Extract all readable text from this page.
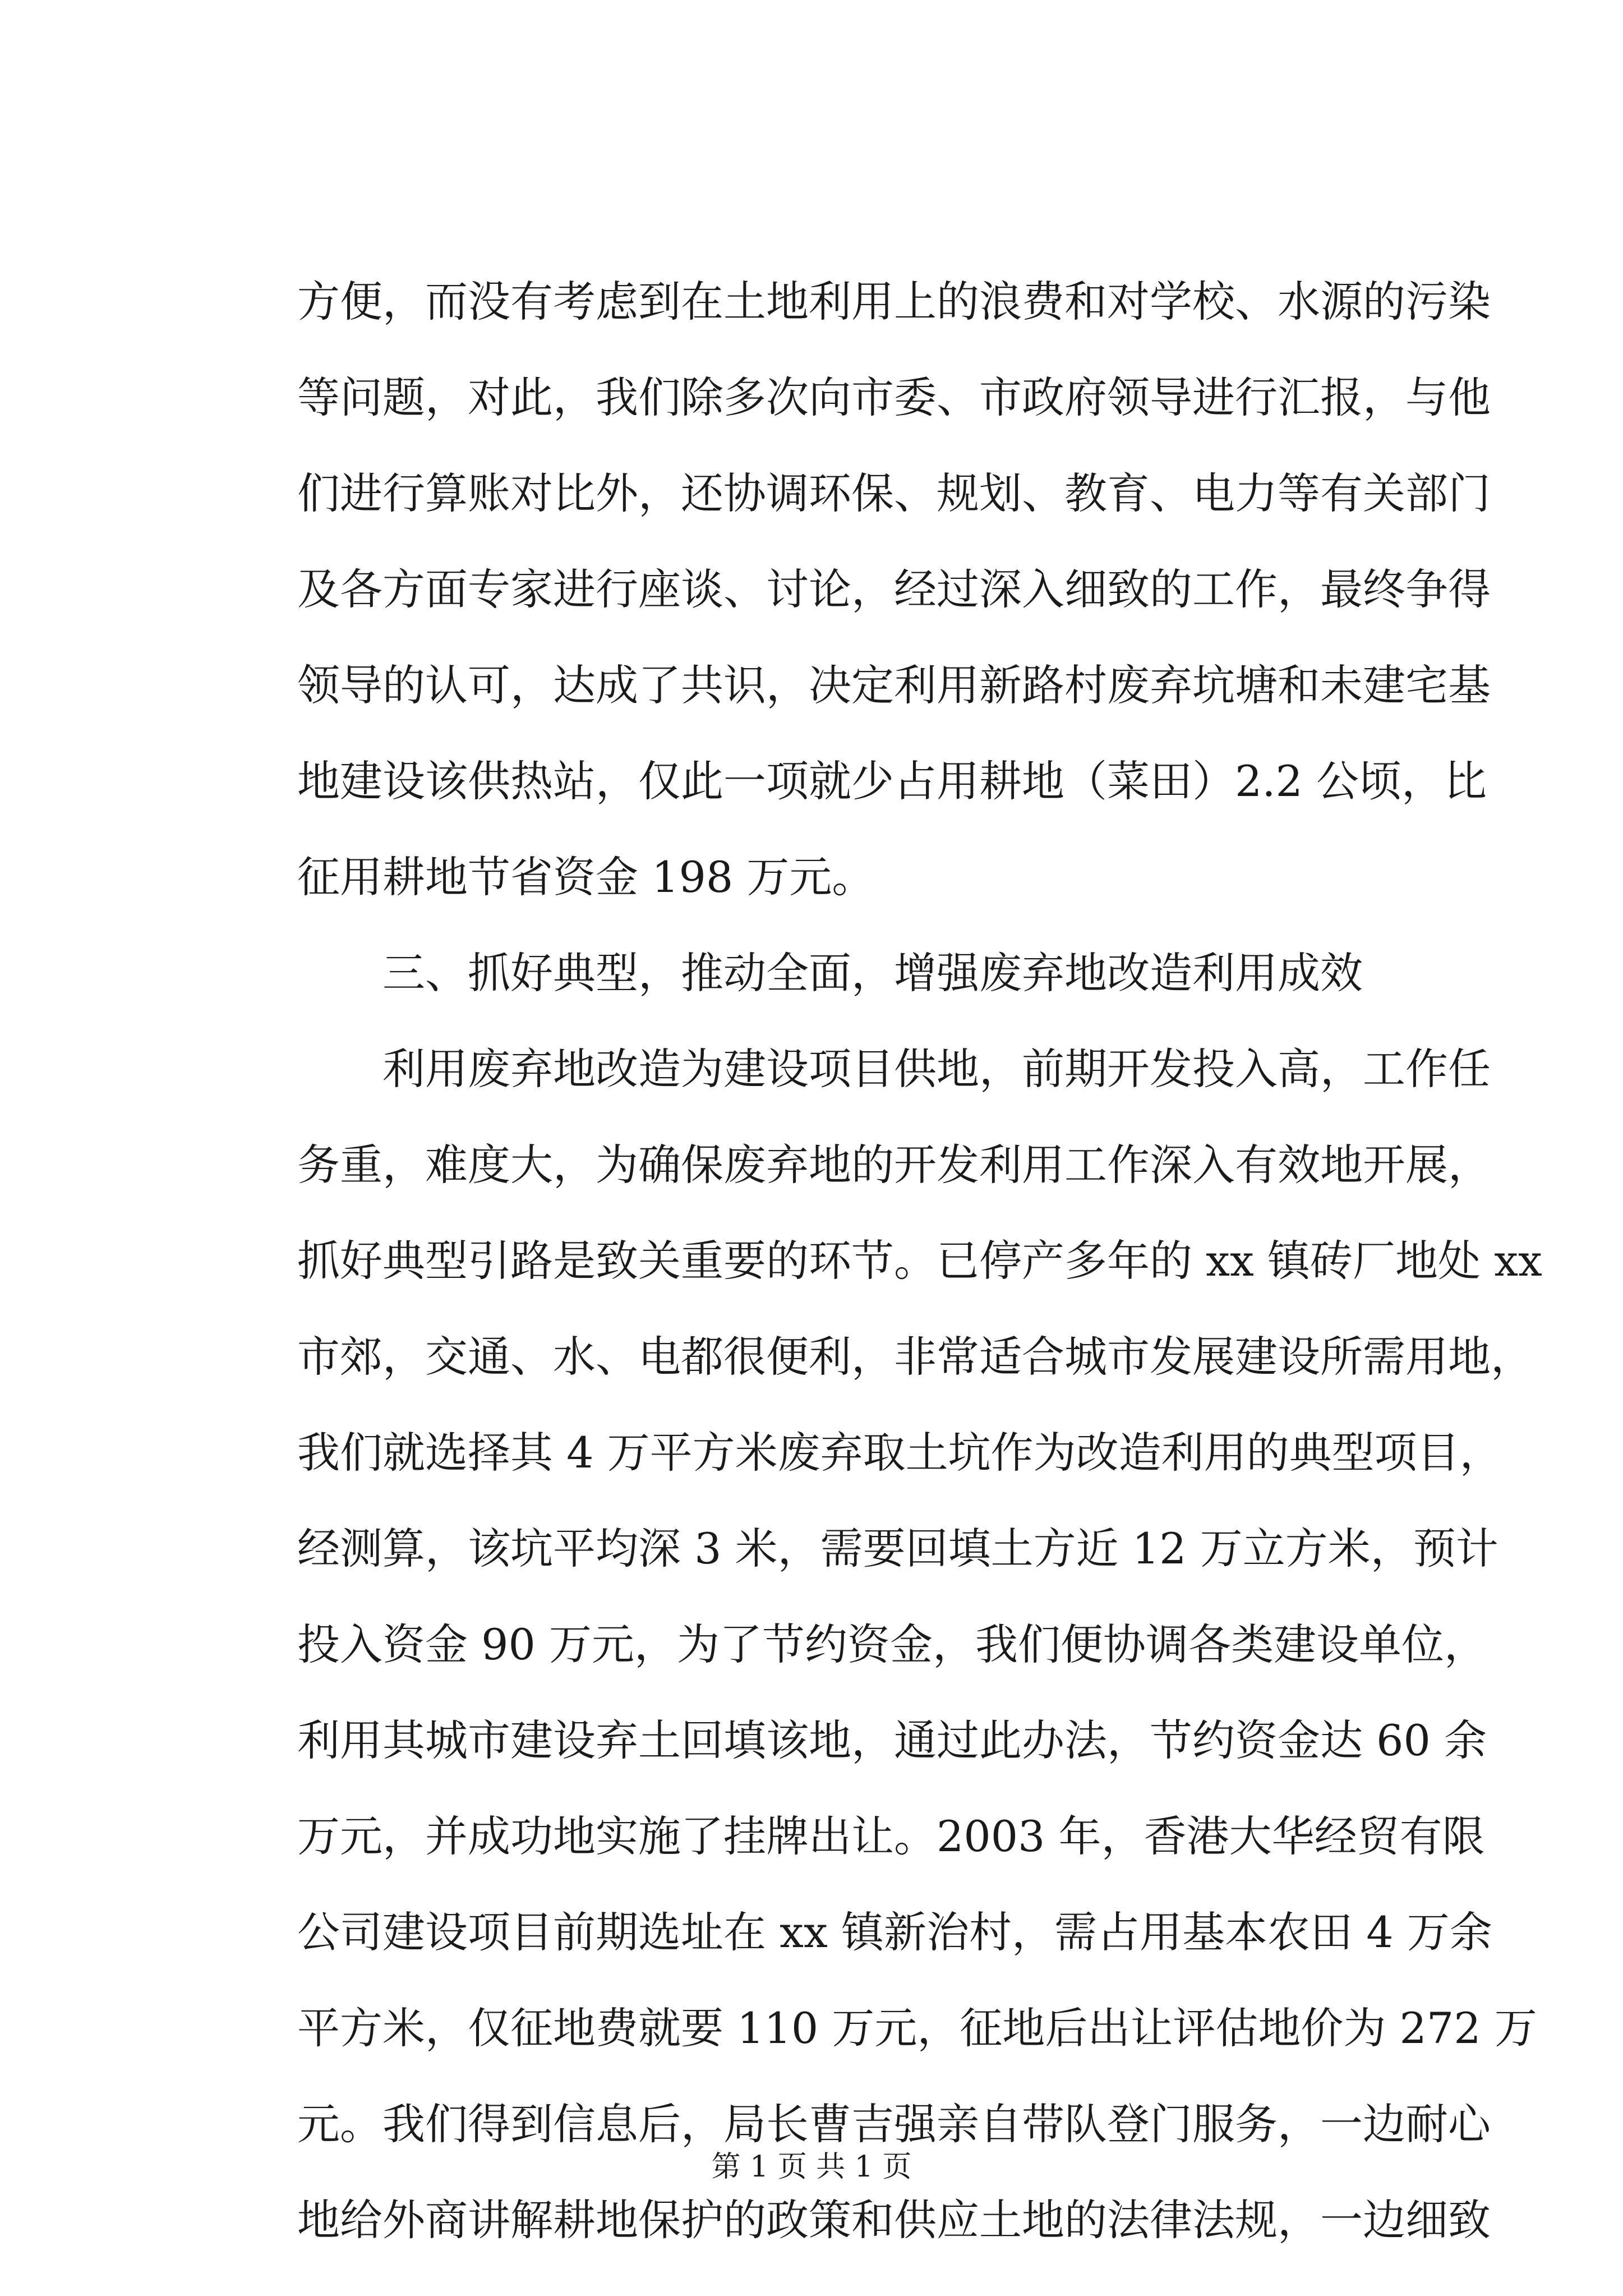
方便，而没有考虑到在土地利用上的浪费和对学校、水源的污染
等问题，对此，我们除多次向市委、市政府领导进行汇报，与他
们进行算账对比外，还协调环保、规划、教育、电力等有关部门
及各方面专家进行座谈、讨论，经过深入细致的工作，最终争得
领导的认可，达成了共识，决定利用新路村废弃坑塘和未建宅基
地建设该供热站，仅此一项就少占用耕地（菜田）2.2 公顷，比
征用耕地节省资金 198 万元。
三、抓好典型，推动全面，增强废弃地改造利用成效
利用废弃地改造为建设项目供地，前期开发投入高，工作任
务重，难度大，为确保废弃地的开发利用工作深入有效地开展，
抓好典型引路是致关重要的环节。已停产多年的 xx 镇砖厂地处 xx
市郊，交通、水、电都很便利，非常适合城市发展建设所需用地，
我们就选择其 4 万平方米废弃取土坑作为改造利用的典型项目，
经测算，该坑平均深 3 米，需要回填土方近 12 万立方米，预计
投入资金 90 万元，为了节约资金，我们便协调各类建设单位，
利用其城市建设弃土回填该地，通过此办法，节约资金达 60 余
万元，并成功地实施了挂牌出让。2003 年，香港大华经贸有限
公司建设项目前期选址在 xx 镇新治村，需占用基本农田 4 万余
平方米，仅征地费就要 110 万元，征地后出让评估地价为 272 万
元。我们得到信息后，局长曹吉强亲自带队登门服务，一边耐心
地给外商讲解耕地保护的政策和供应土地的法律法规，一边细致
第 1 页 共 1 页
